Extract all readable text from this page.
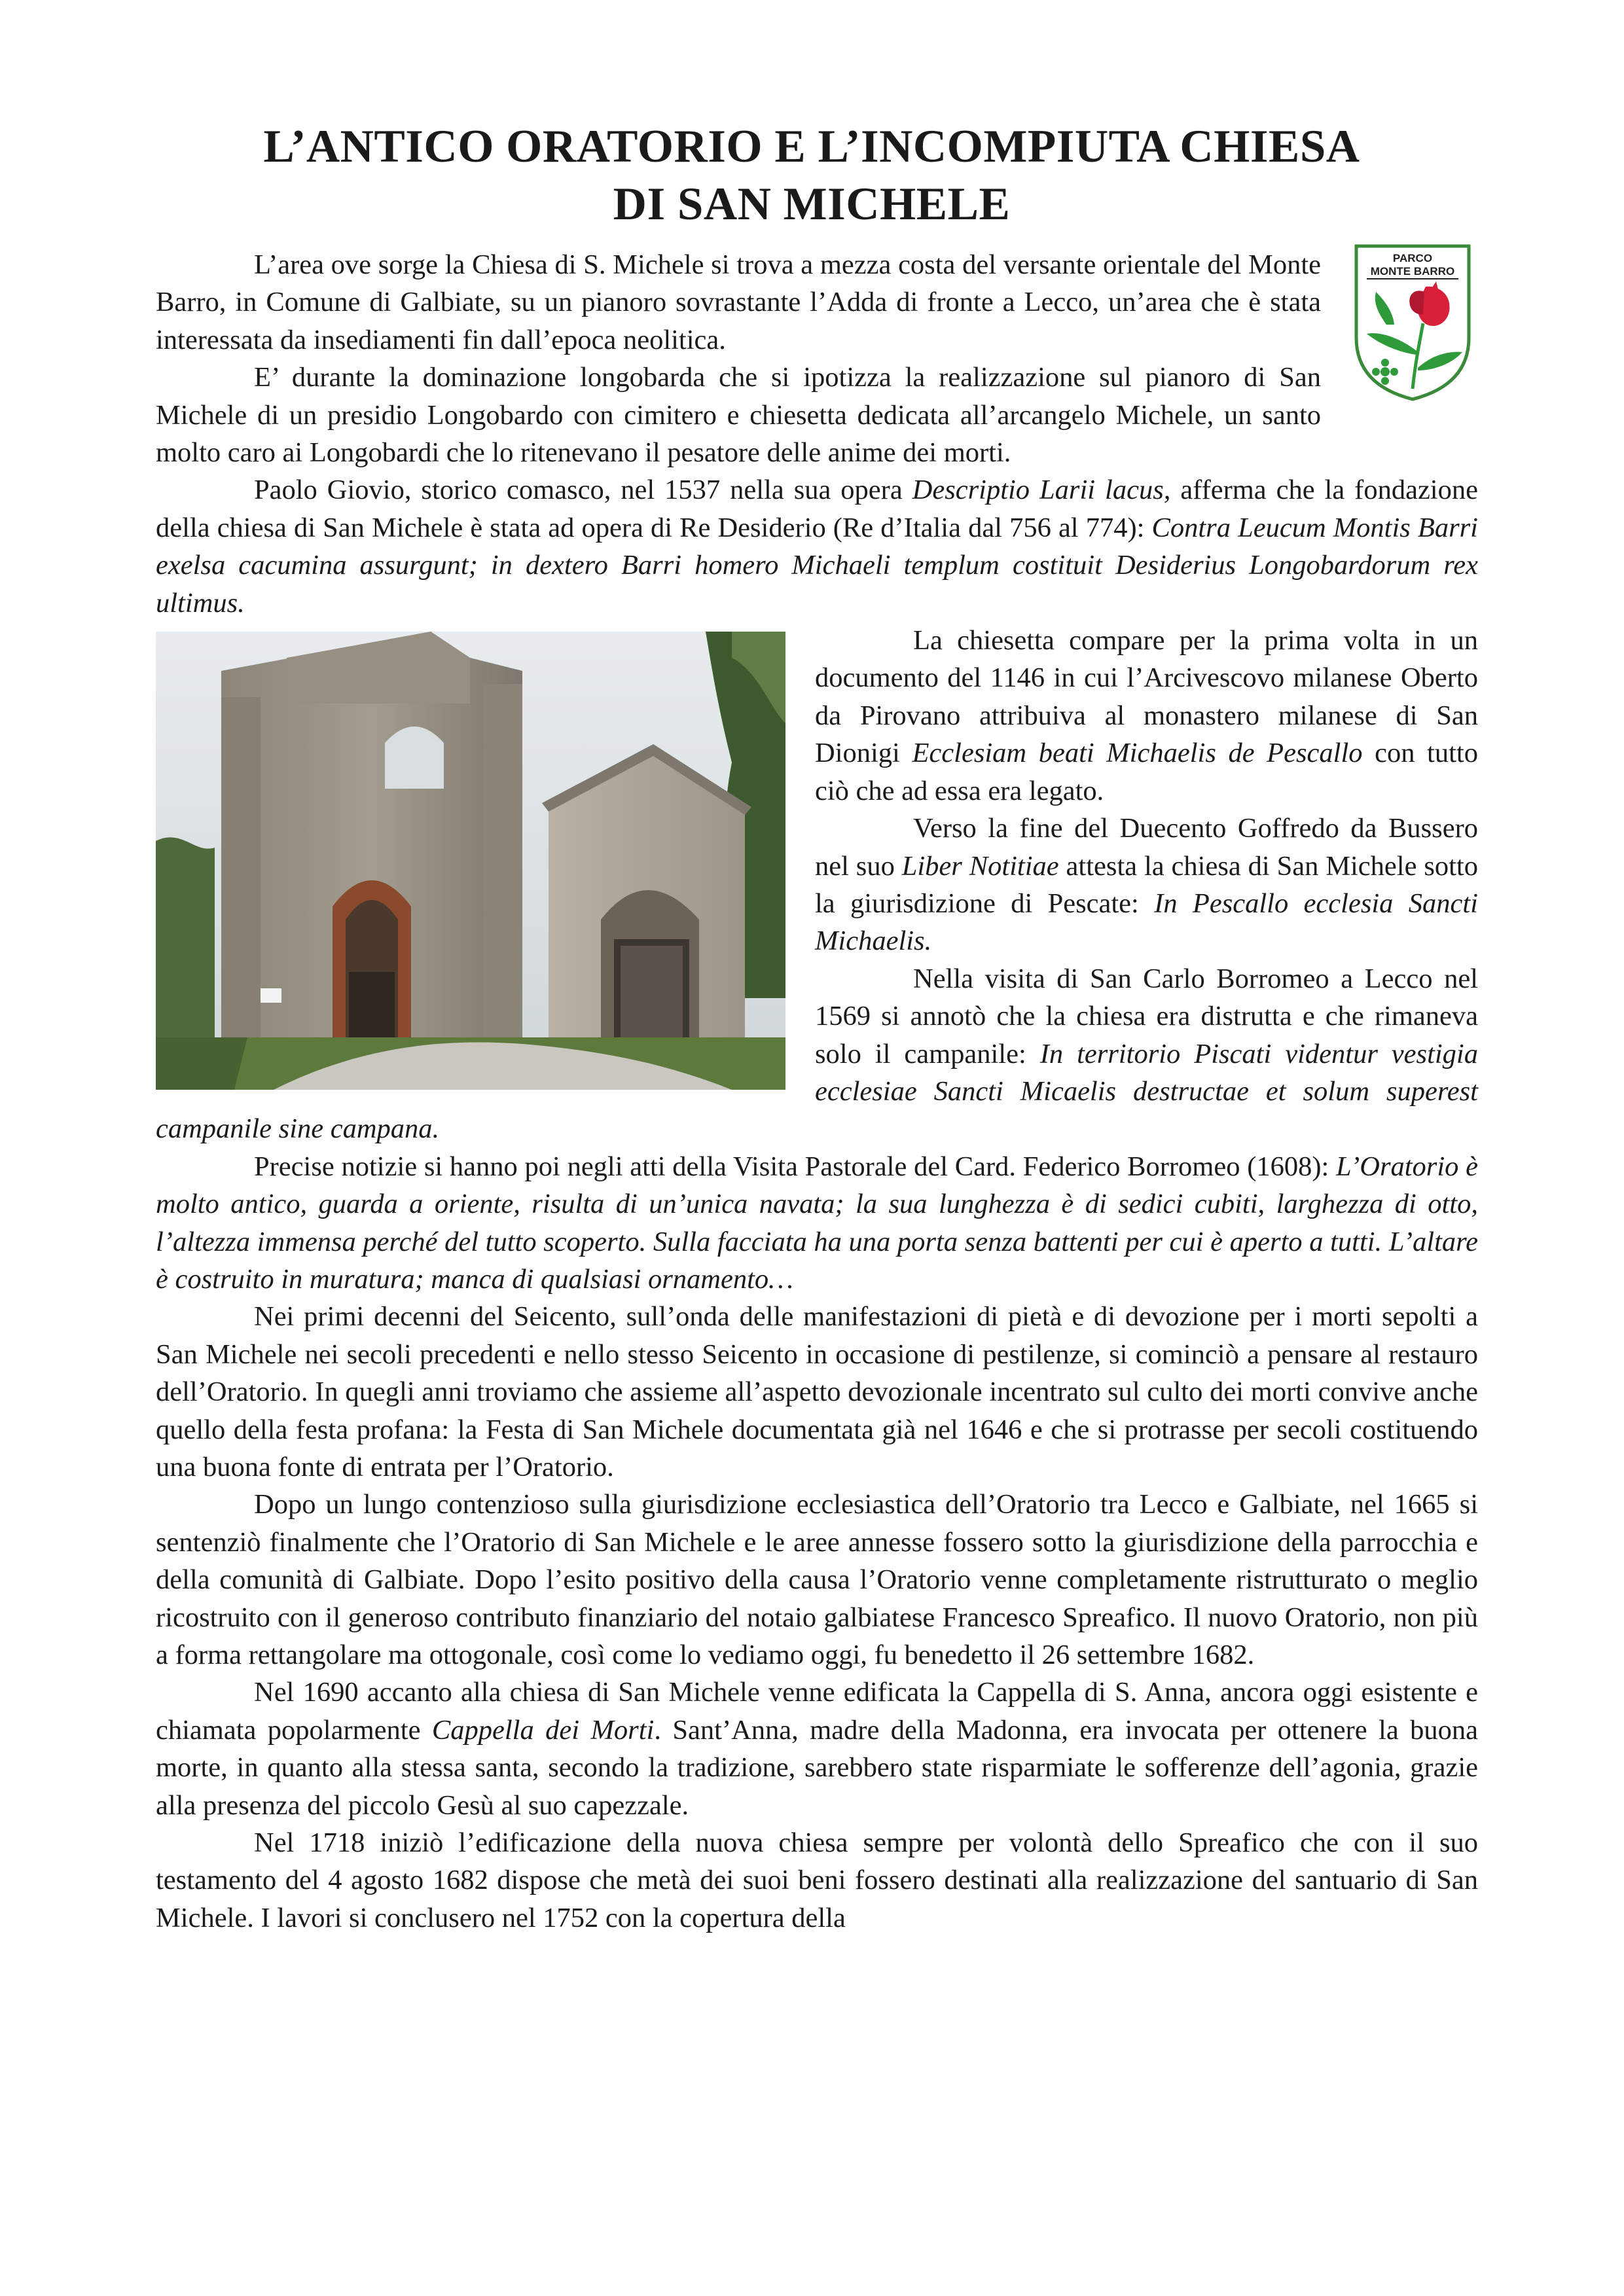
L’ANTICO ORATORIO E L’INCOMPIUTA CHIESA
DI SAN MICHELE
PARCO
MONTE BARRO

L’area ove sorge la Chiesa di S. Michele si trova a mezza costa del versante orientale del Monte Barro, in Comune di Galbiate, su un pianoro sovrastante l’Adda di fronte a Lecco, un’area che è stata interessata da insediamenti fin dall’epoca neolitica.

E’ durante la dominazione longobarda che si ipotizza la realizzazione sul pianoro di San Michele di un presidio Longobardo con cimitero e chiesetta dedicata all’arcangelo Michele, un santo molto caro ai Longobardi che lo ritenevano il pesatore delle anime dei morti.

Paolo Giovio, storico comasco, nel 1537 nella sua opera Descriptio Larii lacus, afferma che la fondazione della chiesa di San Michele è stata ad opera di Re Desiderio (Re d’Italia dal 756 al 774): Contra Leucum Montis Barri exelsa cacumina assurgunt; in dextero Barri homero Michaeli templum costituit Desiderius Longobardorum rex ultimus.

La chiesetta compare per la prima volta in un documento del 1146 in cui l’Arcivescovo milanese Oberto da Pirovano attribuiva al monastero milanese di San Dionigi Ecclesiam beati Michaelis de Pescallo con tutto ciò che ad essa era legato.

Verso la fine del Duecento Goffredo da Bussero nel suo Liber Notitiae attesta la chiesa di San Michele sotto la giurisdizione di Pescate: In Pescallo ecclesia Sancti Michaelis.

Nella visita di San Carlo Borromeo a Lecco nel 1569 si annotò che la chiesa era distrutta e che rimaneva solo il campanile: In territorio Piscati videntur vestigia ecclesiae Sancti Micaelis destructae et solum superest campanile sine campana.

Precise notizie si hanno poi negli atti della Visita Pastorale del Card. Federico Borromeo (1608): L’Oratorio è molto antico, guarda a oriente, risulta di un’unica navata; la sua lunghezza è di sedici cubiti, larghezza di otto, l’altezza immensa perché del tutto scoperto. Sulla facciata ha una porta senza battenti per cui è aperto a tutti. L’altare è costruito in muratura; manca di qualsiasi ornamento…

Nei primi decenni del Seicento, sull’onda delle manifestazioni di pietà e di devozione per i morti sepolti a San Michele nei secoli precedenti e nello stesso Seicento in occasione di pestilenze, si cominciò a pensare al restauro dell’Oratorio. In quegli anni troviamo che assieme all’aspetto devozionale incentrato sul culto dei morti convive anche quello della festa profana: la Festa di San Michele documentata già nel 1646 e che si protrasse per secoli costituendo una buona fonte di entrata per l’Oratorio.

Dopo un lungo contenzioso sulla giurisdizione ecclesiastica dell’Oratorio tra Lecco e Galbiate, nel 1665 si sentenziò finalmente che l’Oratorio di San Michele e le aree annesse fossero sotto la giurisdizione della parrocchia e della comunità di Galbiate. Dopo l’esito positivo della causa l’Oratorio venne completamente ristrutturato o meglio ricostruito con il generoso contributo finanziario del notaio galbiatese Francesco Spreafico. Il nuovo Oratorio, non più a forma rettangolare ma ottogonale, così come lo vediamo oggi, fu benedetto il 26 settembre 1682.

Nel 1690 accanto alla chiesa di San Michele venne edificata la Cappella di S. Anna, ancora oggi esistente e chiamata popolarmente Cappella dei Morti. Sant’Anna, madre della Madonna, era invocata per ottenere la buona morte, in quanto alla stessa santa, secondo la tradizione, sarebbero state risparmiate le sofferenze dell’agonia, grazie alla presenza del piccolo Gesù al suo capezzale.

Nel 1718 iniziò l’edificazione della nuova chiesa sempre per volontà dello Spreafico che con il suo testamento del 4 agosto 1682 dispose che metà dei suoi beni fossero destinati alla realizzazione del santuario di San Michele. I lavori si conclusero nel 1752 con la copertura della
